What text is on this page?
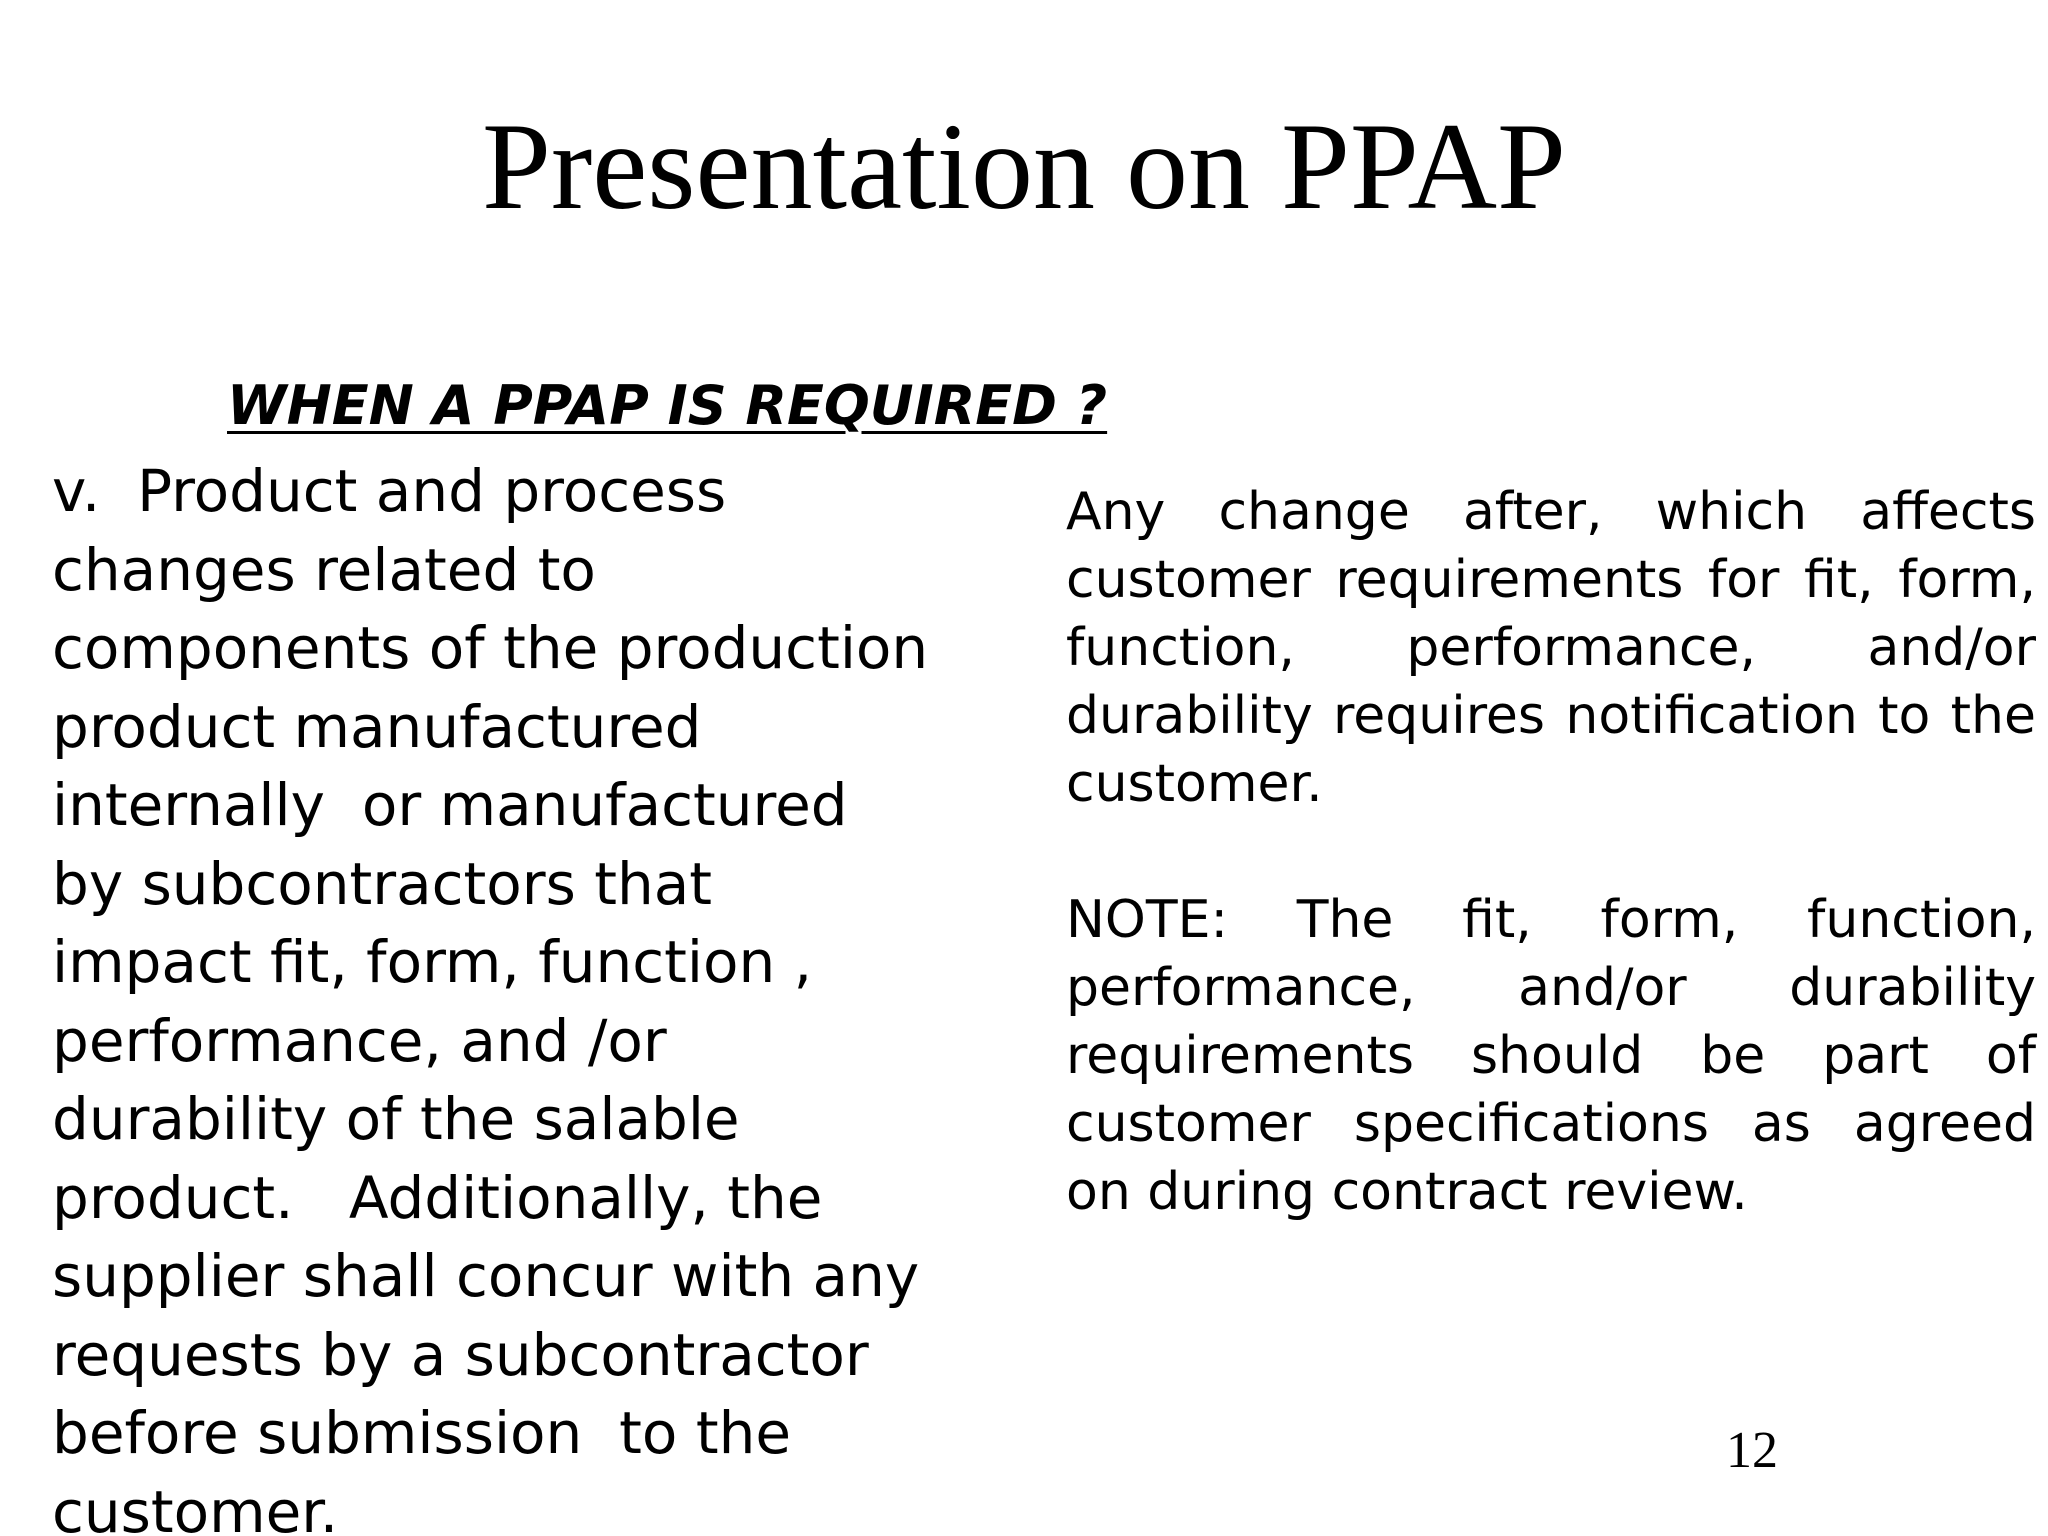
Presentation on PPAP
WHEN A PPAP IS REQUIRED ?
v.  Product and process
changes related to
components of the production
product manufactured
internally  or manufactured
by subcontractors that
impact fit, form, function ,
performance, and /or
durability of the salable
product.   Additionally, the
supplier shall concur with any
requests by a subcontractor
before submission  to the
customer.

Any change after, which affects customer requirements for fit, form, function, performance, and/or durability requires notification to the customer.

NOTE: The fit, form, function, performance, and/or durability requirements should be part of customer specifications as agreed on during contract review.

12
